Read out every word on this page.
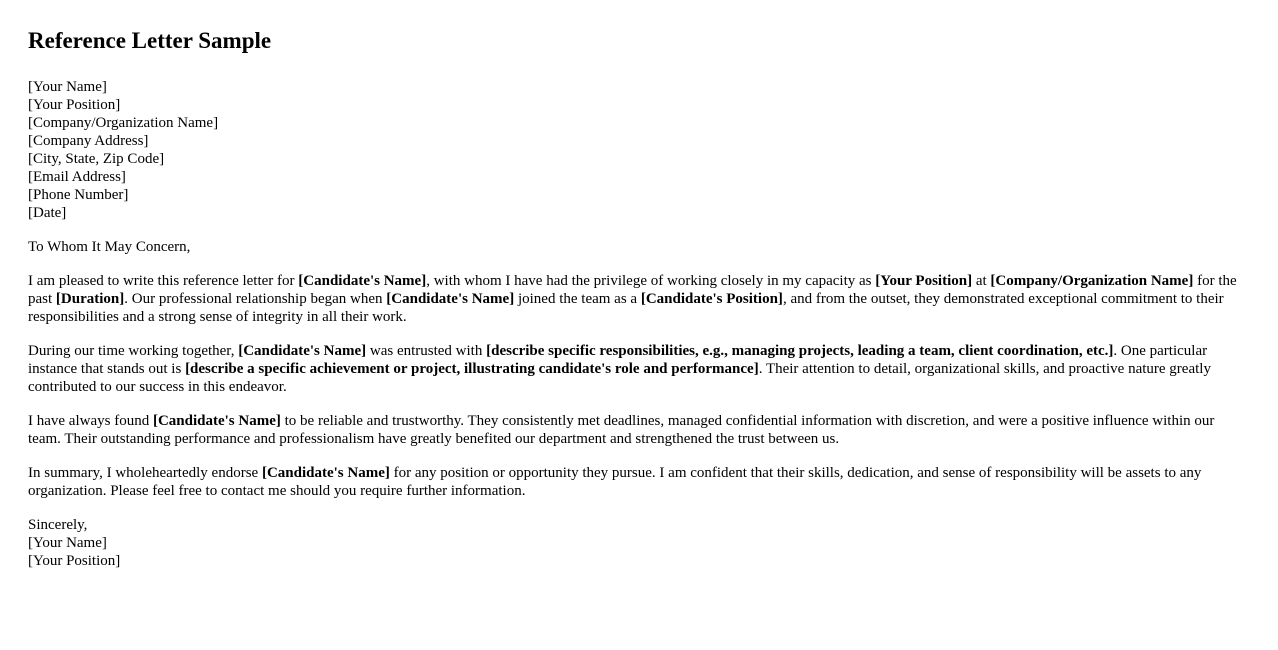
Reference Letter Sample
[Your Name]
[Your Position]
[Company/Organization Name]
[Company Address]
[City, State, Zip Code]
[Email Address]
[Phone Number]
[Date]

To Whom It May Concern,

I am pleased to write this reference letter for [Candidate's Name], with whom I have had the privilege of working closely in my capacity as [Your Position] at [Company/Organization Name] for the past [Duration]. Our professional relationship began when [Candidate's Name] joined the team as a [Candidate's Position], and from the outset, they demonstrated exceptional commitment to their responsibilities and a strong sense of integrity in all their work.

During our time working together, [Candidate's Name] was entrusted with [describe specific responsibilities, e.g., managing projects, leading a team, client coordination, etc.]. One particular instance that stands out is [describe a specific achievement or project, illustrating candidate's role and performance]. Their attention to detail, organizational skills, and proactive nature greatly contributed to our success in this endeavor.

I have always found [Candidate's Name] to be reliable and trustworthy. They consistently met deadlines, managed confidential information with discretion, and were a positive influence within our team. Their outstanding performance and professionalism have greatly benefited our department and strengthened the trust between us.

In summary, I wholeheartedly endorse [Candidate's Name] for any position or opportunity they pursue. I am confident that their skills, dedication, and sense of responsibility will be assets to any organization. Please feel free to contact me should you require further information.

Sincerely,
[Your Name]
[Your Position]
